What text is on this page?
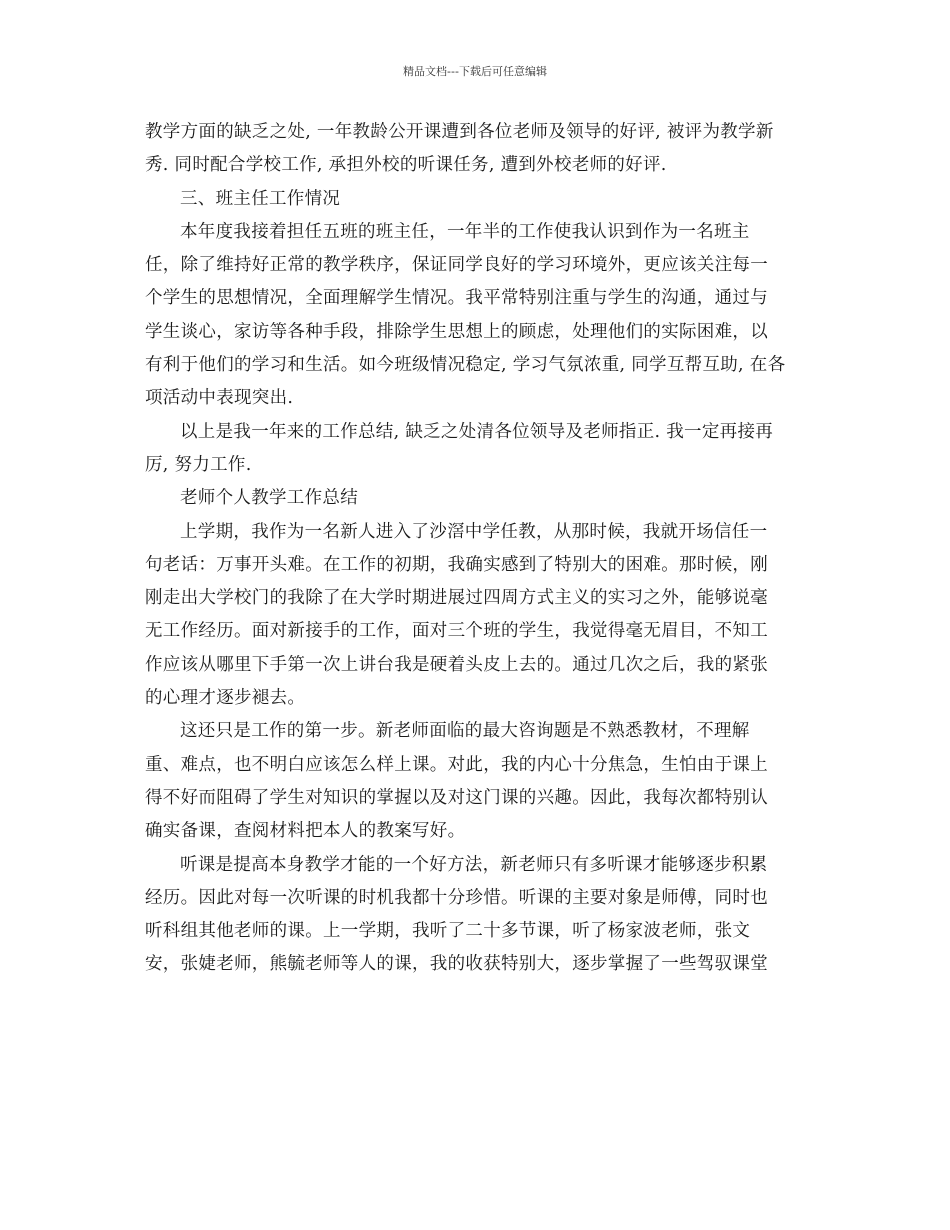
精品文档---下载后可任意编辑
教学方面的缺乏之处, 一年教龄公开课遭到各位老师及领导的好评, 被评为教学新
秀. 同时配合学校工作, 承担外校的听课任务, 遭到外校老师的好评.
三、班主任工作情况
本年度我接着担任五班的班主任，一年半的工作使我认识到作为一名班主
任，除了维持好正常的教学秩序，保证同学良好的学习环境外，更应该关注每一
个学生的思想情况，全面理解学生情况。我平常特别注重与学生的沟通，通过与
学生谈心，家访等各种手段，排除学生思想上的顾虑，处理他们的实际困难，以
有利于他们的学习和生活。如今班级情况稳定, 学习气氛浓重, 同学互帮互助, 在各
项活动中表现突出.
以上是我一年来的工作总结, 缺乏之处清各位领导及老师指正. 我一定再接再
厉, 努力工作.
老师个人教学工作总结
上学期，我作为一名新人进入了沙滘中学任教，从那时候，我就开场信任一
句老话：万事开头难。在工作的初期，我确实感到了特别大的困难。那时候，刚
刚走出大学校门的我除了在大学时期进展过四周方式主义的实习之外，能够说毫
无工作经历。面对新接手的工作，面对三个班的学生，我觉得毫无眉目，不知工
作应该从哪里下手第一次上讲台我是硬着头皮上去的。通过几次之后，我的紧张
的心理才逐步褪去。
这还只是工作的第一步。新老师面临的最大咨询题是不熟悉教材，不理解
重、难点，也不明白应该怎么样上课。对此，我的内心十分焦急，生怕由于课上
得不好而阻碍了学生对知识的掌握以及对这门课的兴趣。因此，我每次都特别认
确实备课，查阅材料把本人的教案写好。
听课是提高本身教学才能的一个好方法，新老师只有多听课才能够逐步积累
经历。因此对每一次听课的时机我都十分珍惜。听课的主要对象是师傅，同时也
听科组其他老师的课。上一学期，我听了二十多节课，听了杨家波老师，张文
安，张婕老师，熊毓老师等人的课，我的收获特别大，逐步掌握了一些驾驭课堂
